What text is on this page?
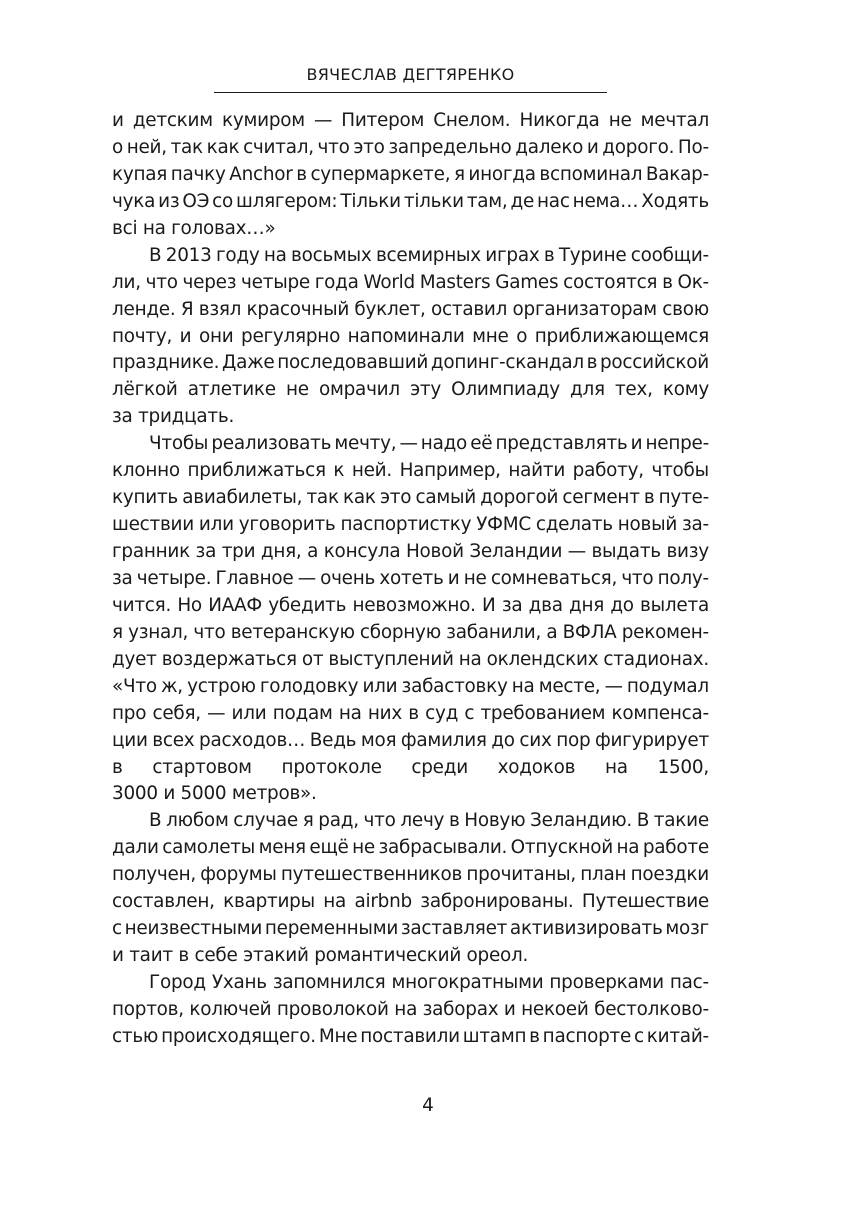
ВЯЧЕСЛАВ ДЕГТЯРЕНКО
и детским кумиром — Питером Снелом. Никогда не мечтал
о ней, так как считал, что это запредельно далеко и дорого. По-
купая пачку Anchor в супермаркете, я иногда вспоминал Вакар-
чука из ОЭ со шлягером: Тільки тільки там, де нас нема… Ходять
всі на головах…»
В 2013 году на восьмых всемирных играх в Турине сообщи-
ли, что через четыре года World Masters Games состоятся в Ок-
ленде. Я взял красочный буклет, оставил организаторам свою
почту, и они регулярно напоминали мне о приближающемся
празднике. Даже последовавший допинг-скандал в российской
лёгкой атлетике не омрачил эту Олимпиаду для тех, кому
за тридцать.
Чтобы реализовать мечту, — надо её представлять и непре-
клонно приближаться к ней. Например, найти работу, чтобы
купить авиабилеты, так как это самый дорогой сегмент в путе-
шествии или уговорить паспортистку УФМС сделать новый за-
гранник за три дня, а консула Новой Зеландии — выдать визу
за четыре. Главное — очень хотеть и не сомневаться, что полу-
чится. Но ИААФ убедить невозможно. И за два дня до вылета
я узнал, что ветеранскую сборную забанили, а ВФЛА рекомен-
дует воздержаться от выступлений на оклендских стадионах.
«Что ж, устрою голодовку или забастовку на месте, — подумал
про себя, — или подам на них в суд с требованием компенса-
ции всех расходов… Ведь моя фамилия до сих пор фигурирует
в стартовом протоколе среди ходоков на 1500,
3000 и 5000 метров».
В любом случае я рад, что лечу в Новую Зеландию. В такие
дали самолеты меня ещё не забрасывали. Отпускной на работе
получен, форумы путешественников прочитаны, план поездки
составлен, квартиры на airbnb забронированы. Путешествие
с неизвестными переменными заставляет активизировать мозг
и таит в себе этакий романтический ореол.
Город Ухань запомнился многократными проверками пас-
портов, колючей проволокой на заборах и некоей бестолково-
стью происходящего. Мне поставили штамп в паспорте с китай-
4
